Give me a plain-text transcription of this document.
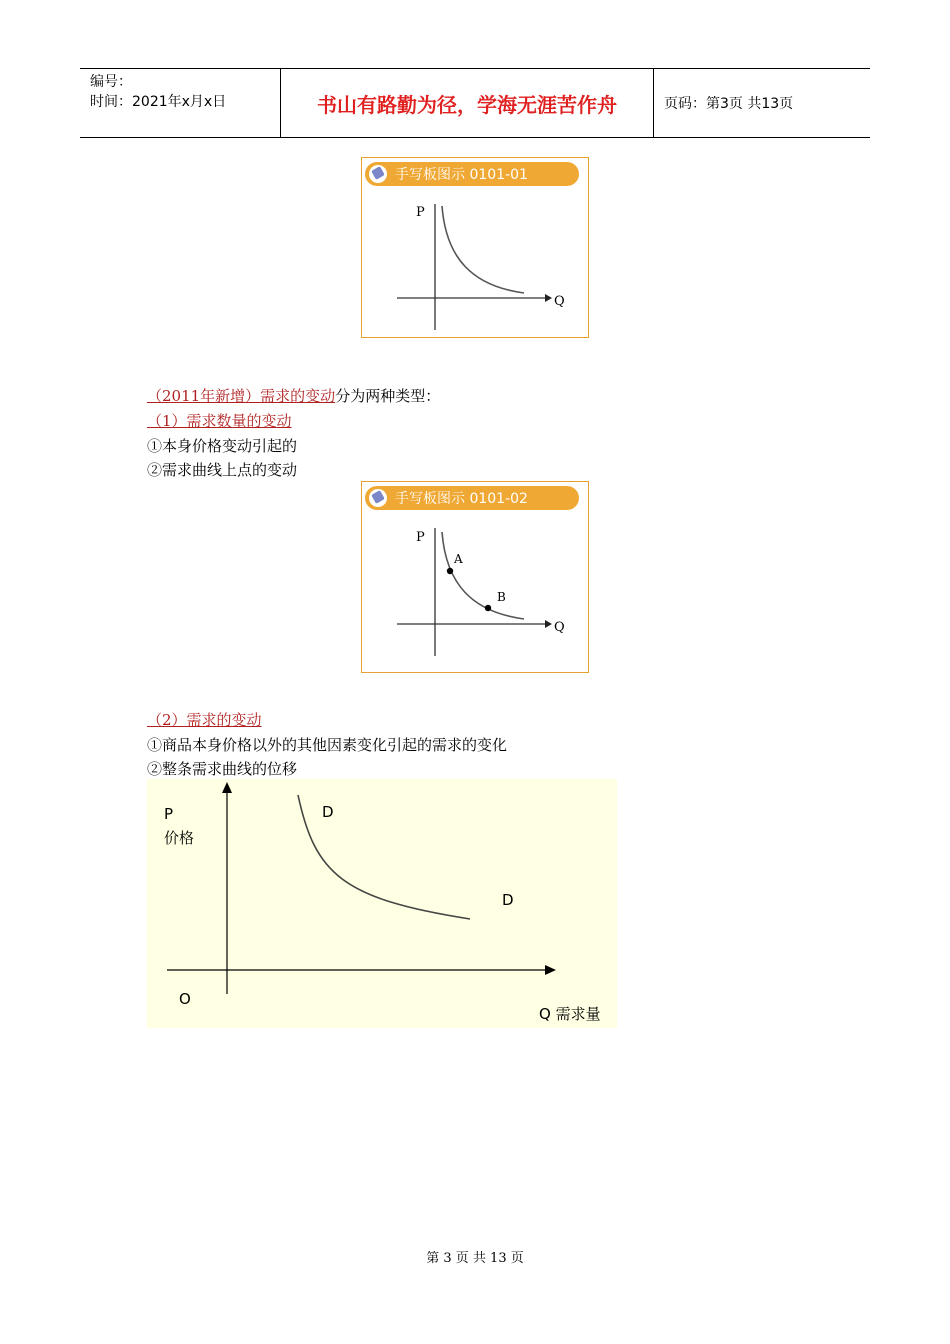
编号：
时间：2021年x月x日	书山有路勤为径，学海无涯苦作舟	页码：第3页 共13页
手写板图示 0101-01
P
Q
（2011年新增）需求的变动分为两种类型：
（1）需求数量的变动
①本身价格变动引起的
②需求曲线上点的变动
手写板图示 0101-02
A
B
P
Q
（2）需求的变动
①商品本身价格以外的其他因素变化引起的需求的变化
②整条需求曲线的位移
P
价格
D
D
O
Q 需求量
第 3 页 共 13 页
